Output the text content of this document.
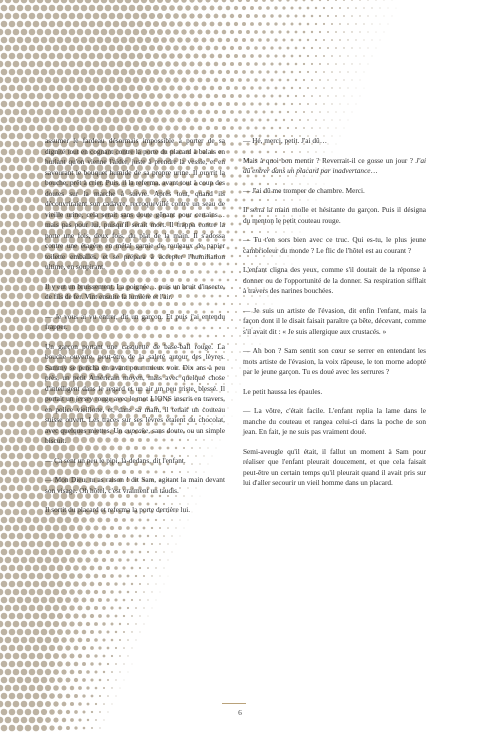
assumer le fardeau désormais impossible à porter de sa dignité tout en cognant contre la porte du placard à balais en hurlant qu'on vienne l'aider, juste à prendre la vessie, et en savourant le bouquet humide de sa propre urine. Il ouvrit la bouche, prêt à crier. Puis, il la referma, avant tout à coup des doutes sur la marche à suivre. Après tout, quand ils découvriraient son cadavre, recroquevillé contre un seau de vieille urine, cela serait sans doute gênant pour certains… mais pas pour lui, puisqu'il serait mort. Il frappa contre la porte une fois, deux fois, du plat de la main. Il s'adossa contre une étagère en métal garnie de rouleaux de papier toilette emballés, et se prépara à accepter l'humiliation ultime, en soupirant.

Il y eut un bruissement. La poignée… puis un bruit d'insecte, de fils de fer. Vint ensuite la lumière et l'air.

— Je vous ai vu entrer, dit un garçon. Et puis j'ai entendu frapper.

Un garçon portant une casquette de base-ball rouge. La bouche ouverte, peut-être de la saleté autour des lèvres. Sammy se pencha en avant pour mieux voir. Dix ans à peu près, un petit Américain moyen, mais avec quelque chose d'intelligent dans le regard et un air un peu triste, blessé. Il portait un jersey rouge avec le mot LIONS inscrit en travers, en police vieillotte, et, dans sa main, il tenait un couteau suisse ouvert. Les traces sur ses lèvres étaient du chocolat, avec quelques miettes. Un cupcake, sans doute, ou un simple biscuit.

— Ça sent un peu le pipi, là-dedans, dit l'enfant.

— Mon Dieu, tu as raison ! dit Sam, agitant la main devant son visage. Oh hôtel, c'est vraiment un taudis.

Il sortit du placard et referma la porte derrière lui.

— Hé, merci, petit. J'ai dû…

Mais à quoi bon mentir ? Reverrait-il ce gosse un jour ? J'ai dû entrer dans un placard par inadvertance…

— J'ai dû me tromper de chambre. Merci.

Il serra la main molle et hésitante du garçon. Puis il désigna du menton le petit couteau rouge.

— Tu t'en sors bien avec ce truc. Qui es-tu, le plus jeune cambrioleur du monde ? Le flic de l'hôtel est au courant ?

L'enfant cligna des yeux, comme s'il doutait de la réponse à donner ou de l'opportunité de la donner. Sa respiration sifflait à travers des narines bouchées.

— Je suis un artiste de l'évasion, dit enfin l'enfant, mais la façon dont il le disait faisait paraître ça bête, décevant, comme s'il avait dit : « Je suis allergique aux crustacés. »

— Ah bon ? Sam sentit son cœur se serrer en entendant les mots artiste de l'évasion, la voix râpeuse, le ton morne adopté par le jeune garçon. Tu es doué avec les serrures ?

Le petit haussa les épaules.

— La vôtre, c'était facile. L'enfant replia la lame dans le manche du couteau et rangea celui-ci dans la poche de son jean. En fait, je ne suis pas vraiment doué.

Semi-aveugle qu'il était, il fallut un moment à Sam pour réaliser que l'enfant pleurait doucement, et que cela faisait peut-être un certain temps qu'il pleurait quand il avait pris sur lui d'aller secourir un vieil homme dans un placard.

6
